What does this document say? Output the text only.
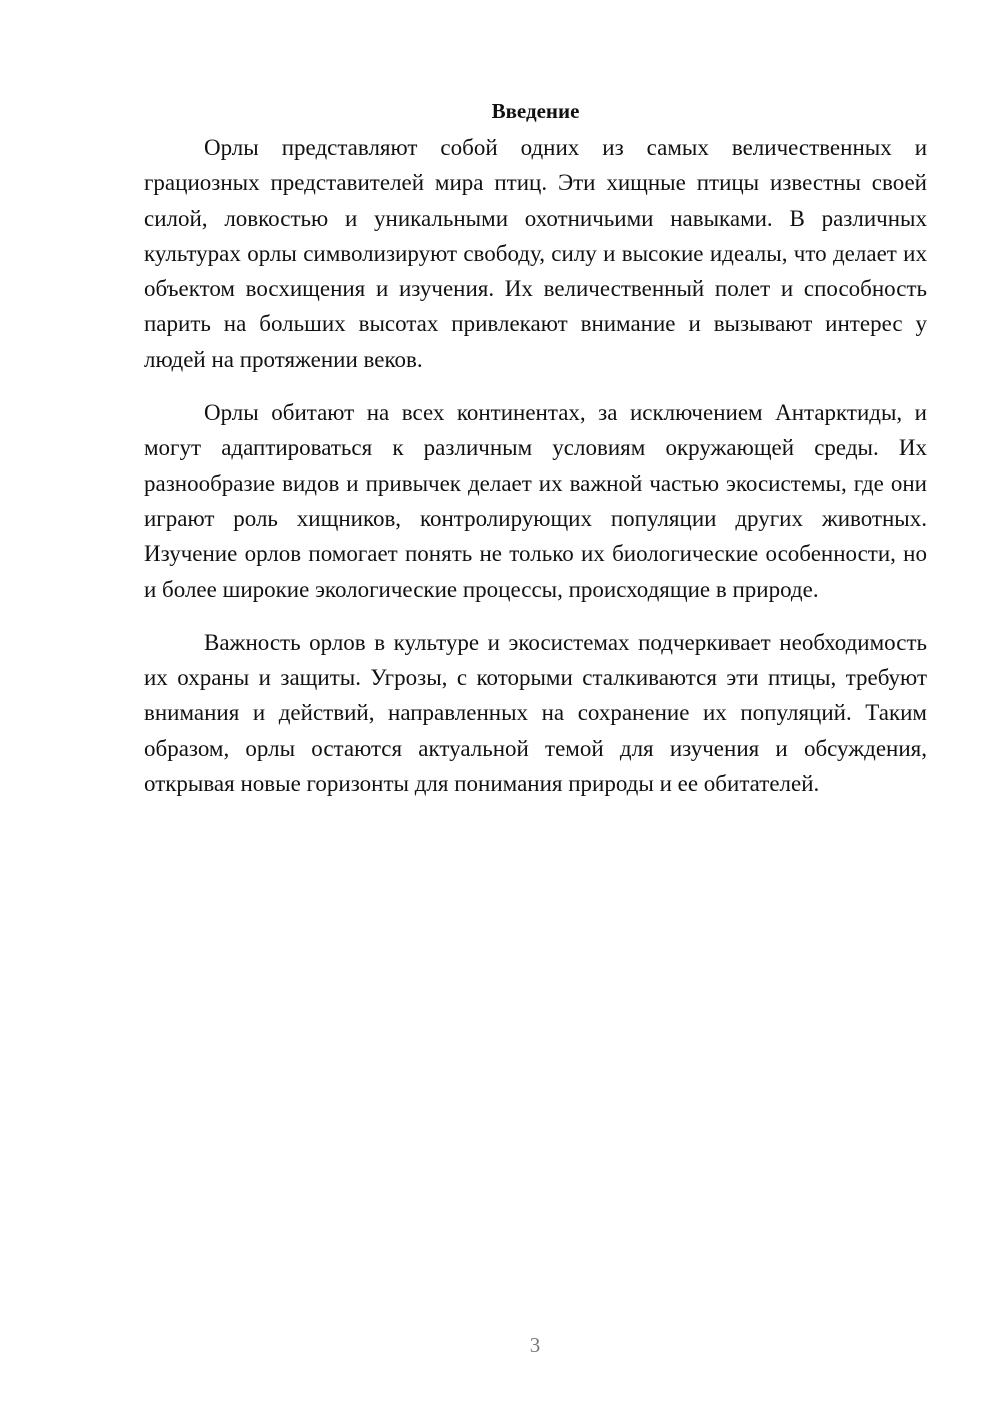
Введение

Орлы представляют собой одних из самых величественных и грациозных представителей мира птиц. Эти хищные птицы известны своей силой, ловкостью и уникальными охотничьими навыками. В различных культурах орлы символизируют свободу, силу и высокие идеалы, что делает их объектом восхищения и изучения. Их величественный полет и способность парить на больших высотах привлекают внимание и вызывают интерес у людей на протяжении веков.

Орлы обитают на всех континентах, за исключением Антарктиды, и могут адаптироваться к различным условиям окружающей среды. Их разнообразие видов и привычек делает их важной частью экосистемы, где они играют роль хищников, контролирующих популяции других животных. Изучение орлов помогает понять не только их биологические особенности, но и более широкие экологические процессы, происходящие в природе.

Важность орлов в культуре и экосистемах подчеркивает необходимость их охраны и защиты. Угрозы, с которыми сталкиваются эти птицы, требуют внимания и действий, направленных на сохранение их популяций. Таким образом, орлы остаются актуальной темой для изучения и обсуждения, открывая новые горизонты для понимания природы и ее обитателей.

3
